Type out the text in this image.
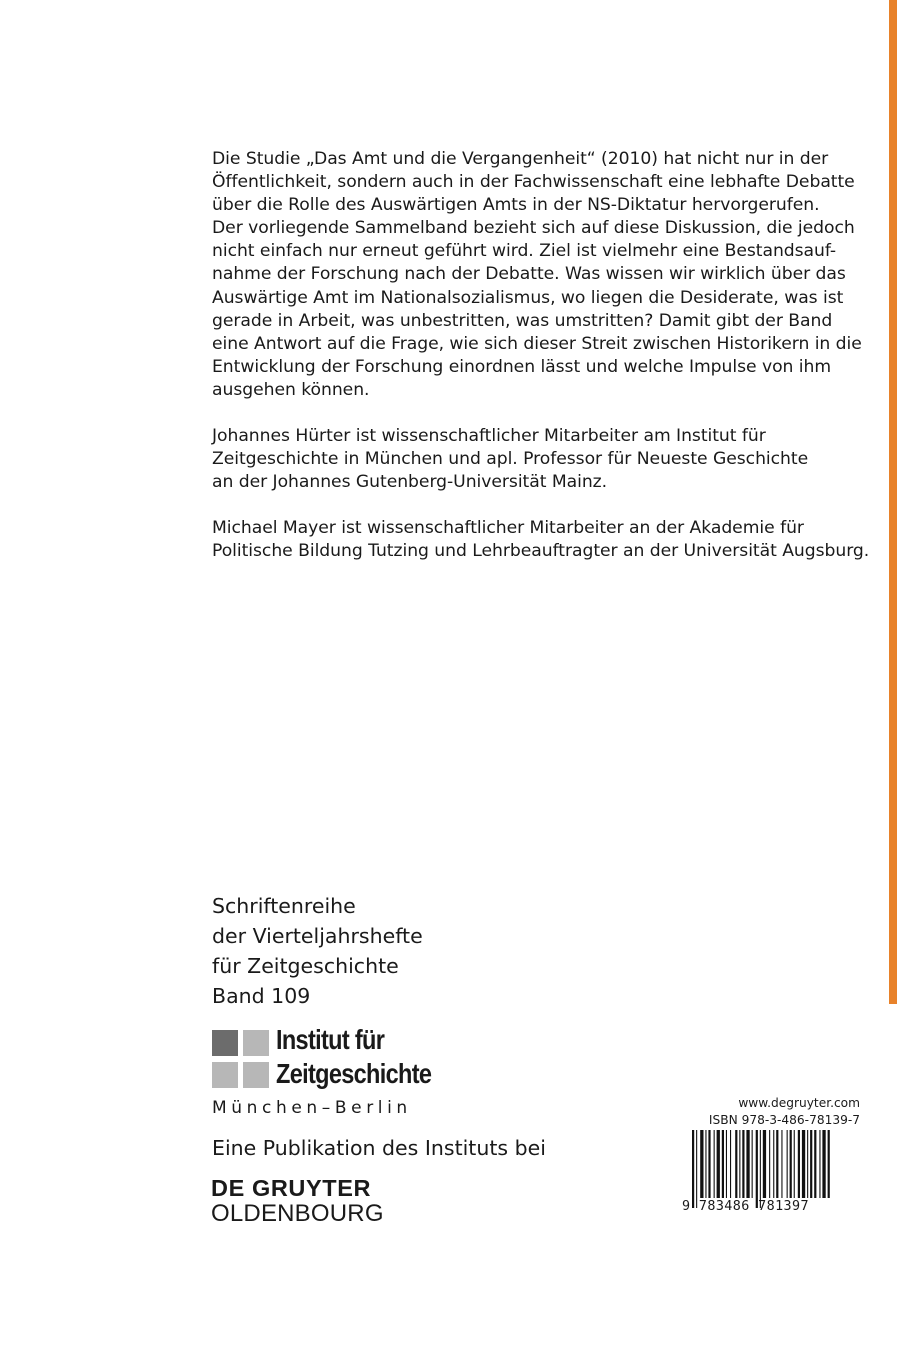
Die Studie „Das Amt und die Vergangenheit“ (2010) hat nicht nur in der
Öffentlichkeit, sondern auch in der Fachwissenschaft eine lebhafte Debatte
über die Rolle des Auswärtigen Amts in der NS-Diktatur hervorgerufen.
Der vorliegende Sammelband bezieht sich auf diese Diskussion, die jedoch
nicht einfach nur erneut geführt wird. Ziel ist vielmehr eine Bestandsauf-
nahme der Forschung nach der Debatte. Was wissen wir wirklich über das
Auswärtige Amt im Nationalsozialismus, wo liegen die Desiderate, was ist
gerade in Arbeit, was unbestritten, was umstritten? Damit gibt der Band
eine Antwort auf die Frage, wie sich dieser Streit zwischen Historikern in die
Entwicklung der Forschung einordnen lässt und welche Impulse von ihm
ausgehen können.

Johannes Hürter ist wissenschaftlicher Mitarbeiter am Institut für
Zeitgeschichte in München und apl. Professor für Neueste Geschichte
an der Johannes Gutenberg-Universität Mainz.

Michael Mayer ist wissenschaftlicher Mitarbeiter an der Akademie für
Politische Bildung Tutzing und Lehrbeauftragter an der Universität Augsburg.

Schriftenreihe
der Vierteljahrshefte
für Zeitgeschichte
Band 109
Institut für
Zeitgeschichte
München–Berlin
Eine Publikation des Instituts bei
DE GRUYTER
OLDENBOURG
www.degruyter.com
ISBN 978-3-486-78139-7
9 783486 781397
